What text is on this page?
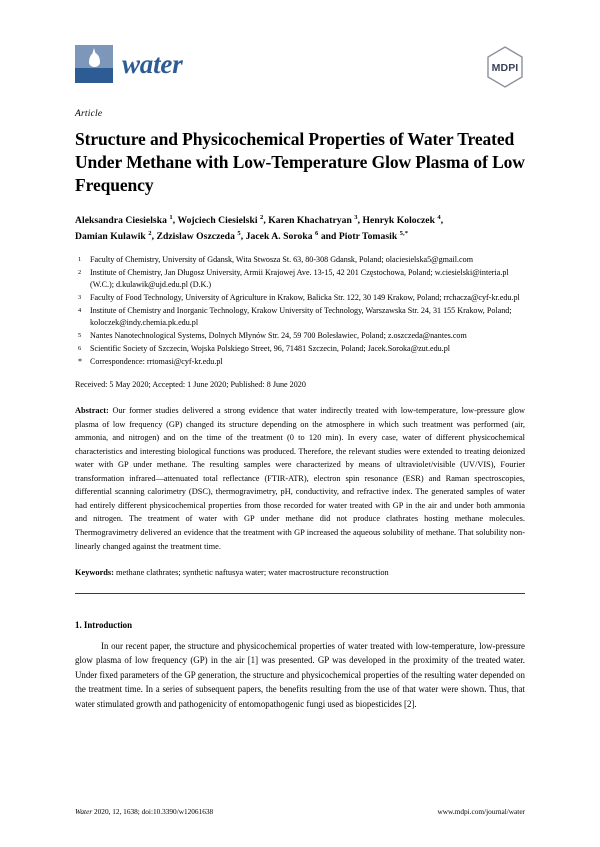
water	MDPI
Article
Structure and Physicochemical Properties of Water Treated Under Methane with Low-Temperature Glow Plasma of Low Frequency
Aleksandra Ciesielska $^1$, Wojciech Ciesielski $^2$, Karen Khachatryan $^3$, Henryk Koloczek $^4$,
Damian Kulawik $^2$, Zdzislaw Oszczeda $^5$, Jacek A. Soroka $^6$ and Piotr Tomasik $^{5,*}$
1	Faculty of Chemistry, University of Gdansk, Wita Stwosza St. 63, 80-308 Gdansk, Poland; olaciesielska5@gmail.com
2	Institute of Chemistry, Jan Długosz University, Armii Krajowej Ave. 13-15, 42 201 Częstochowa, Poland; w.ciesielski@interia.pl (W.C.); d.kulawik@ujd.edu.pl (D.K.)
3	Faculty of Food Technology, University of Agriculture in Krakow, Balicka Str. 122, 30 149 Krakow, Poland; rrchacza@cyf-kr.edu.pl
4	Institute of Chemistry and Inorganic Technology, Krakow University of Technology, Warszawska Str. 24, 31 155 Krakow, Poland; koloczek@indy.chemia.pk.edu.pl
5	Nantes Nanotechnological Systems, Dolnych Młynów Str. 24, 59 700 Bolesławiec, Poland; z.oszczeda@nantes.com
6	Scientific Society of Szczecin, Wojska Polskiego Street, 96, 71481 Szczecin, Poland; Jacek.Soroka@zut.edu.pl
* Correspondence: rrtomasi@cyf-kr.edu.pl
Received: 5 May 2020; Accepted: 1 June 2020; Published: 8 June 2020
Abstract: Our former studies delivered a strong evidence that water indirectly treated with low-temperature, low-pressure glow plasma of low frequency (GP) changed its structure depending on the atmosphere in which such treatment was performed (air, ammonia, and nitrogen) and on the time of the treatment (0 to 120 min). In every case, water of different physicochemical characteristics and interesting biological functions was produced. Therefore, the relevant studies were extended to treating deionized water with GP under methane. The resulting samples were characterized by means of ultraviolet/visible (UV/VIS), Fourier transformation infrared—attenuated total reflectance (FTIR-ATR), electron spin resonance (ESR) and Raman spectroscopies, differential scanning calorimetry (DSC), thermogravimetry, pH, conductivity, and refractive index. The generated samples of water had entirely different physicochemical properties from those recorded for water treated with GP in the air and under both ammonia and nitrogen. The treatment of water with GP under methane did not produce clathrates hosting methane molecules. Thermogravimetry delivered an evidence that the treatment with GP increased the aqueous solubility of methane. That solubility non-linearly changed against the treatment time.
Keywords: methane clathrates; synthetic naftusya water; water macrostructure reconstruction
1. Introduction
In our recent paper, the structure and physicochemical properties of water treated with low-temperature, low-pressure glow plasma of low frequency (GP) in the air [1] was presented. GP was developed in the proximity of the treated water. Under fixed parameters of the GP generation, the structure and physicochemical properties of the resulting water depended on the treatment time. In a series of subsequent papers, the benefits resulting from the use of that water were shown. Thus, that water stimulated growth and pathogenicity of entomopathogenic fungi used as biopesticides [2].
Water 2020, 12, 1638; doi:10.3390/w12061638	www.mdpi.com/journal/water
